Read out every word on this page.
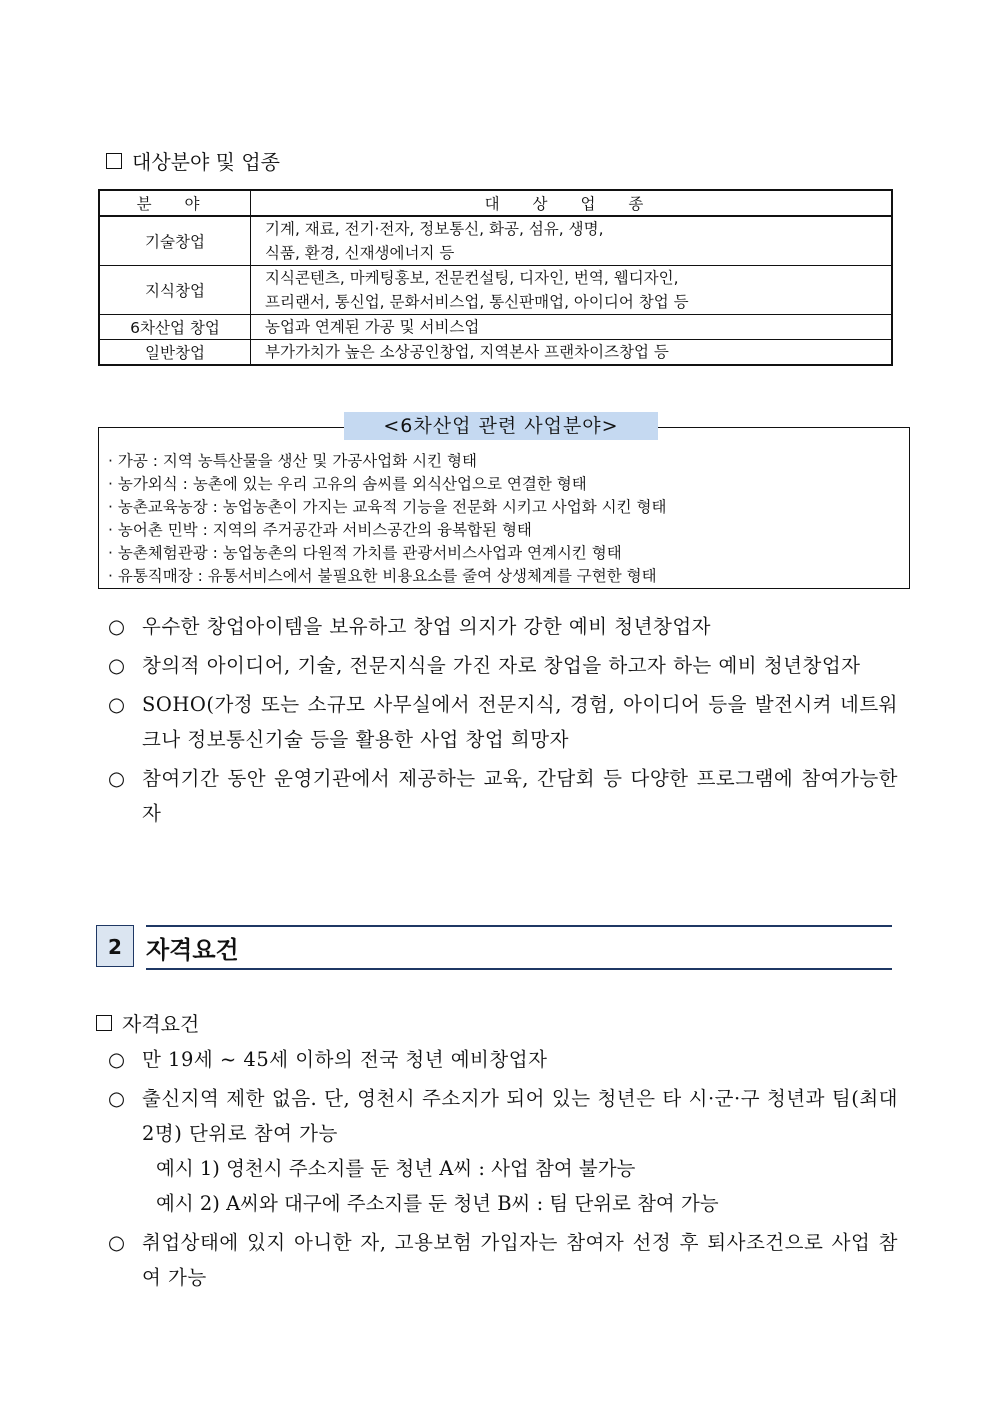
대상분야 및 업종
분 야	대 상 업 종
기술창업	기계, 재료, 전기·전자, 정보통신, 화공, 섬유, 생명,
식품, 환경, 신재생에너지 등

지식창업	지식콘텐츠, 마케팅홍보, 전문컨설팅, 디자인, 번역, 웹디자인,
프리랜서, 통신업, 문화서비스업, 통신판매업, 아이디어 창업 등

6차산업 창업	농업과 연계된 가공 및 서비스업

일반창업	부가가치가 높은 소상공인창업, 지역본사 프랜차이즈창업 등
<6차산업 관련 사업분야>
· 가공 : 지역 농특산물을 생산 및 가공사업화 시킨 형태
· 농가외식 : 농촌에 있는 우리 고유의 솜씨를 외식산업으로 연결한 형태
· 농촌교육농장 : 농업농촌이 가지는 교육적 기능을 전문화 시키고 사업화 시킨 형태
· 농어촌 민박 : 지역의 주거공간과 서비스공간의 융복합된 형태
· 농촌체험관광 : 농업농촌의 다원적 가치를 관광서비스사업과 연계시킨 형태
· 유통직매장 : 유통서비스에서 불필요한 비용요소를 줄여 상생체계를 구현한 형태
○ 우수한 창업아이템을 보유하고 창업 의지가 강한 예비 청년창업자
○ 창의적 아이디어, 기술, 전문지식을 가진 자로 창업을 하고자 하는 예비 청년창업자
○ SOHO(가정 또는 소규모 사무실에서 전문지식, 경험, 아이디어 등을 발전시켜 네트워크나 정보통신기술 등을 활용한 사업 창업 희망자
○ 참여기간 동안 운영기관에서 제공하는 교육, 간담회 등 다양한 프로그램에 참여가능한 자
2	자격요건
자격요건
○ 만 19세 ~ 45세 이하의 전국 청년 예비창업자
○ 출신지역 제한 없음. 단, 영천시 주소지가 되어 있는 청년은 타 시·군·구 청년과 팀(최대 2명) 단위로 참여 가능
예시 1) 영천시 주소지를 둔 청년 A씨 : 사업 참여 불가능
예시 2) A씨와 대구에 주소지를 둔 청년 B씨 : 팀 단위로 참여 가능
○ 취업상태에 있지 아니한 자, 고용보험 가입자는 참여자 선정 후 퇴사조건으로 사업 참여 가능
